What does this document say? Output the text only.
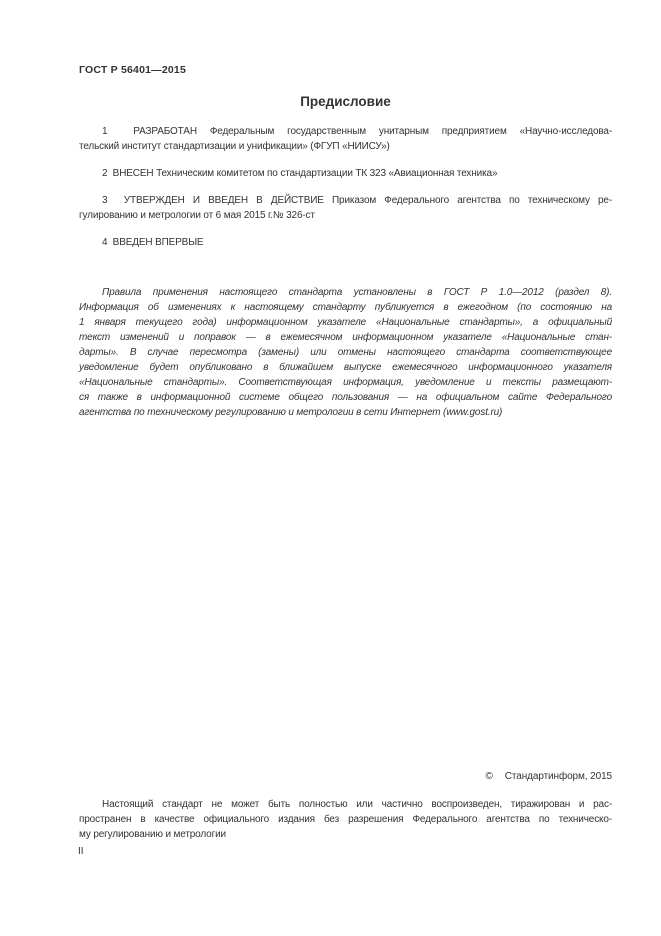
ГОСТ Р 56401—2015
Предисловие
1  РАЗРАБОТАН Федеральным государственным унитарным предприятием «Научно-исследова-
тельский институт стандартизации и унификации» (ФГУП «НИИСУ»)
2  ВНЕСЕН Техническим комитетом по стандартизации ТК 323 «Авиационная техника»
3  УТВЕРЖДЕН И ВВЕДЕН В ДЕЙСТВИЕ Приказом Федерального агентства по техническому ре-
гулированию и метрологии от 6 мая 2015 г.№ 326-ст
4  ВВЕДЕН ВПЕРВЫЕ
Правила применения настоящего стандарта установлены в ГОСТ Р 1.0—2012 (раздел 8).
Информация об изменениях к настоящему стандарту публикуется в ежегодном (по состоянию на
1 января текущего года) информационном указателе «Национальные стандарты», а официальный
текст изменений и поправок — в ежемесячном информационном указателе «Национальные стан-
дарты». В случае пересмотра (замены) или отмены настоящего стандарта соответствующее
уведомление будет опубликовано в ближайшем выпуске ежемесячного информационного указателя
«Национальные стандарты». Соответствующая информация, уведомление и тексты размещают-
ся также в информационной системе общего пользования — на официальном сайте Федерального
агентства по техническому регулированию и метрологии в сети Интернет (www.gost.ru)
© Стандартинформ, 2015
Настоящий стандарт не может быть полностью или частично воспроизведен, тиражирован и рас-
пространен в качестве официального издания без разрешения Федерального агентства по техническо-
му регулированию и метрологии
II
